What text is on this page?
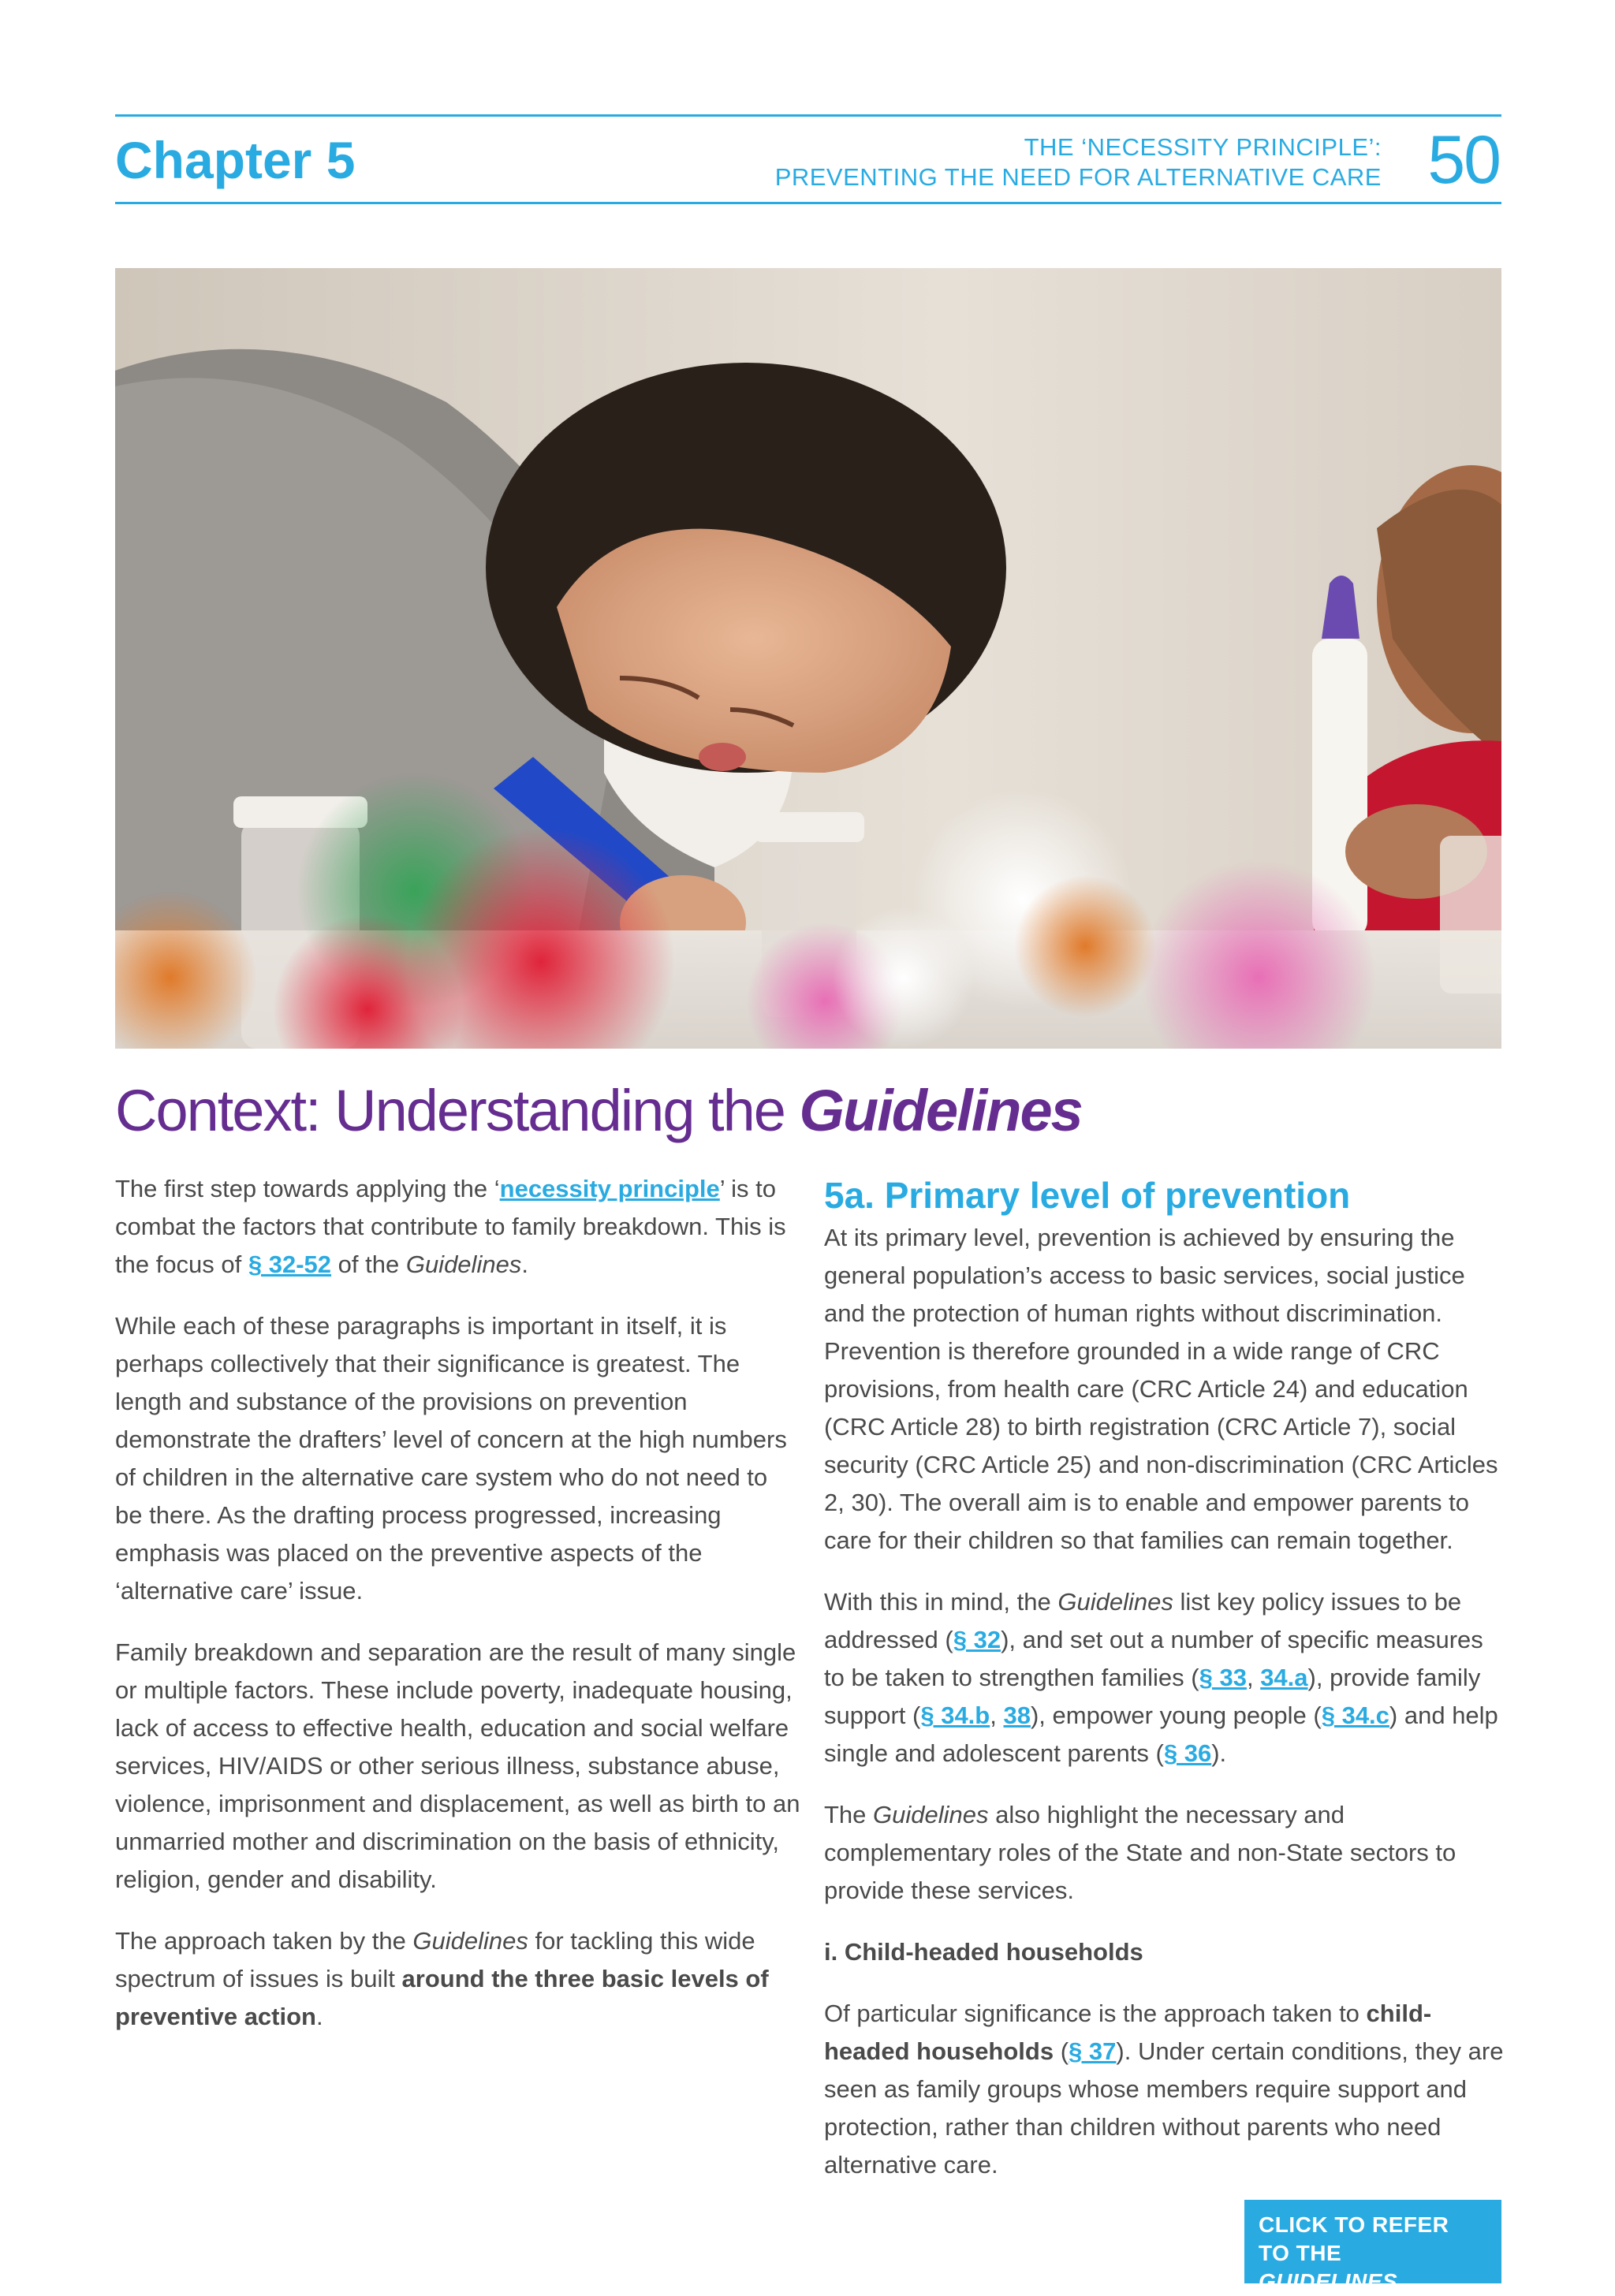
Chapter 5	THE ‘NECESSITY PRINCIPLE’:
PREVENTING THE NEED FOR ALTERNATIVE CARE 50
Context: Understanding the Guidelines

The first step towards applying the ‘necessity principle’ is to combat the factors that contribute to family breakdown. This is the focus of § 32-52 of the Guidelines.

While each of these paragraphs is important in itself, it is perhaps collectively that their significance is greatest. The length and substance of the provisions on prevention demonstrate the drafters’ level of concern at the high numbers of children in the alternative care system who do not need to be there. As the drafting process progressed, increasing emphasis was placed on the preventive aspects of the ‘alternative care’ issue.

Family breakdown and separation are the result of many single or multiple factors. These include poverty, inadequate housing, lack of access to effective health, education and social welfare services, HIV/AIDS or other serious illness, substance abuse, violence, imprisonment and displacement, as well as birth to an unmarried mother and discrimination on the basis of ethnicity, religion, gender and disability.

The approach taken by the Guidelines for tackling this wide spectrum of issues is built around the three basic levels of preventive action.

5a. Primary level of prevention

At its primary level, prevention is achieved by ensuring the general population’s access to basic services, social justice and the protection of human rights without discrimination. Prevention is therefore grounded in a wide range of CRC provisions, from health care (CRC Article 24) and education (CRC Article 28) to birth registration (CRC Article 7), social security (CRC Article 25) and non-discrimination (CRC Articles 2, 30). The overall aim is to enable and empower parents to care for their children so that families can remain together.

With this in mind, the Guidelines list key policy issues to be addressed (§ 32), and set out a number of specific measures to be taken to strengthen families (§ 33, 34.a), provide family support (§ 34.b, 38), empower young people (§ 34.c) and help single and adolescent parents (§ 36).

The Guidelines also highlight the necessary and complementary roles of the State and non-State sectors to provide these services.

i. Child-headed households

Of particular significance is the approach taken to child-headed households (§ 37). Under certain conditions, they are seen as family groups whose members require support and protection, rather than children without parents who need alternative care.

CLICK TO REFER
TO THE
GUIDELINES
